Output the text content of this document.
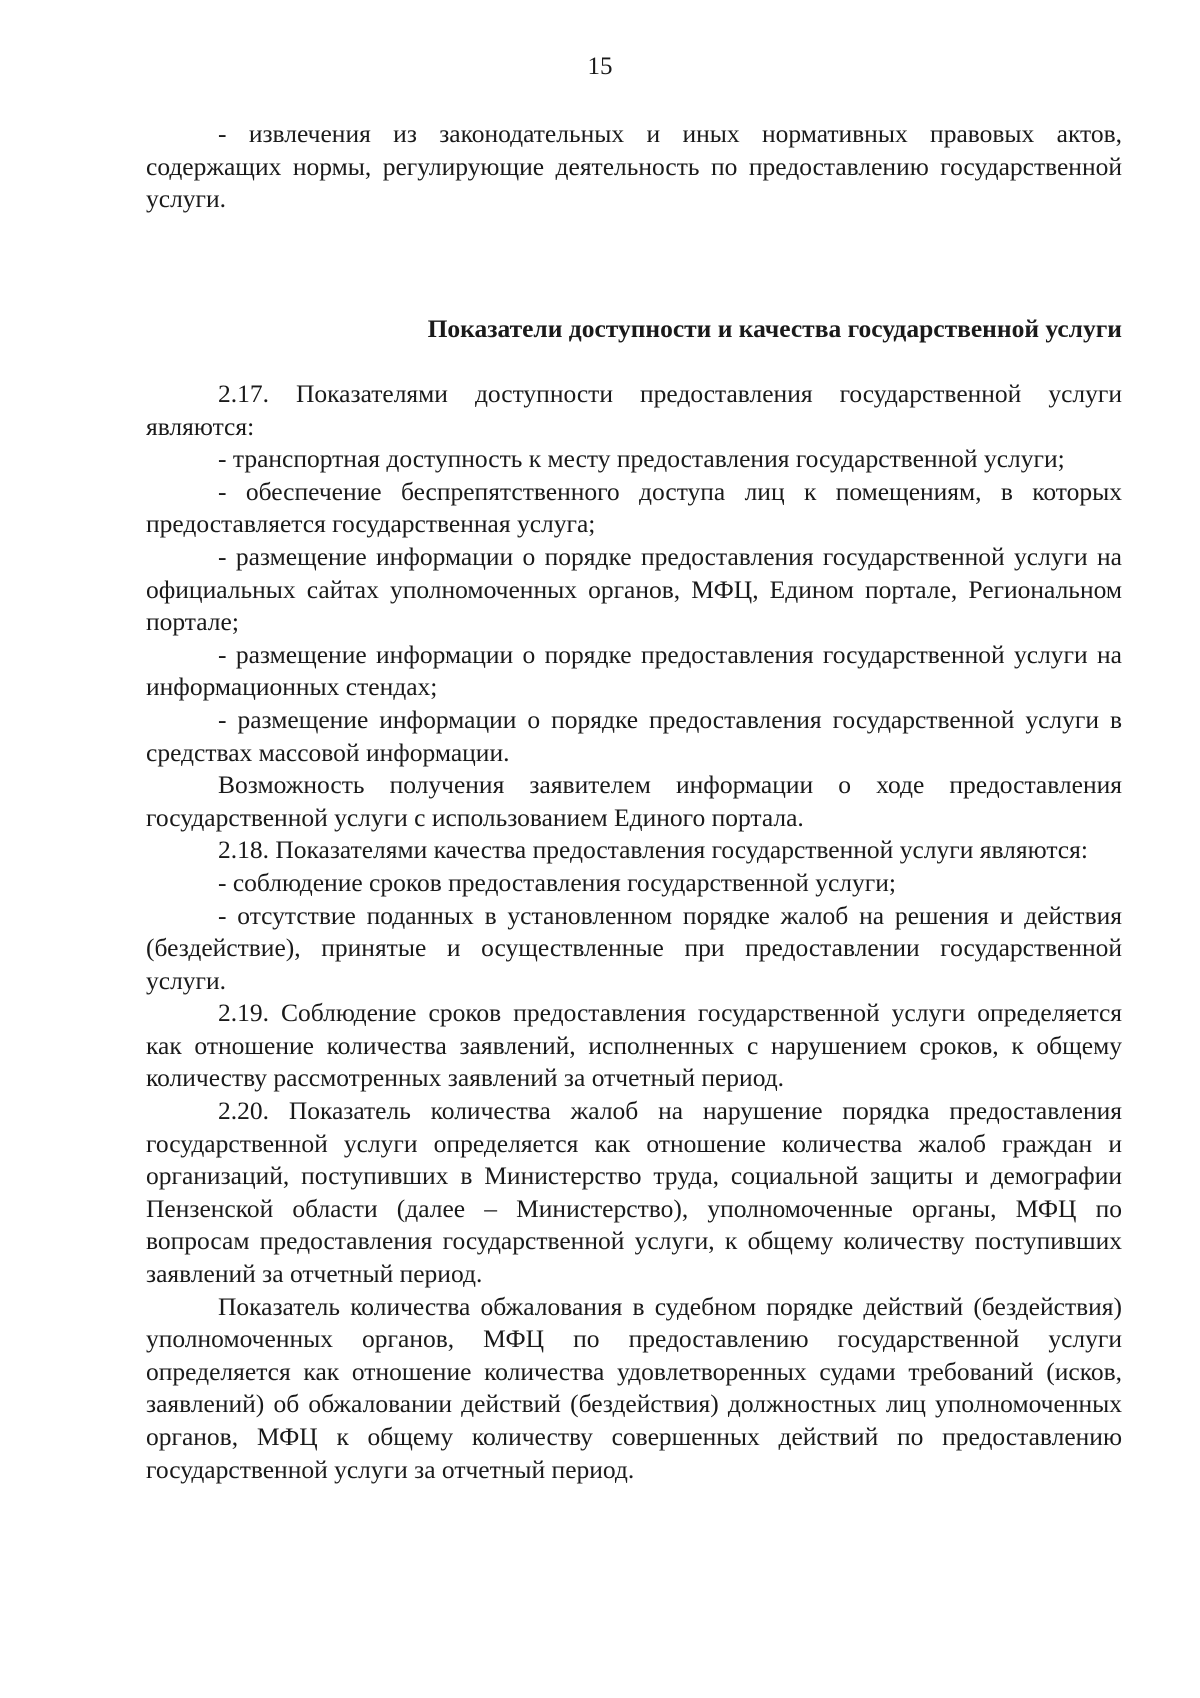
15

- извлечения из законодательных и иных нормативных правовых актов, содержащих нормы, регулирующие деятельность по предоставлению государственной услуги.

Показатели доступности и качества государственной услуги

2.17. Показателями доступности предоставления государственной услуги являются:

- транспортная доступность к месту предоставления государственной услуги;

- обеспечение беспрепятственного доступа лиц к помещениям, в которых предоставляется государственная услуга;

- размещение информации о порядке предоставления государственной услуги на официальных сайтах уполномоченных органов, МФЦ, Едином портале, Региональном портале;

- размещение информации о порядке предоставления государственной услуги на информационных стендах;

- размещение информации о порядке предоставления государственной услуги в средствах массовой информации.

Возможность получения заявителем информации о ходе предоставления государственной услуги с использованием Единого портала.

2.18. Показателями качества предоставления государственной услуги являются:

- соблюдение сроков предоставления государственной услуги;

- отсутствие поданных в установленном порядке жалоб на решения и действия (бездействие), принятые и осуществленные при предоставлении государственной услуги.

2.19. Соблюдение сроков предоставления государственной услуги определяется как отношение количества заявлений, исполненных с нарушением сроков, к общему количеству рассмотренных заявлений за отчетный период.

2.20. Показатель количества жалоб на нарушение порядка предоставления государственной услуги определяется как отношение количества жалоб граждан и организаций, поступивших в Министерство труда, социальной защиты и демографии Пензенской области (далее – Министерство), уполномоченные органы, МФЦ по вопросам предоставления государственной услуги, к общему количеству поступивших заявлений за отчетный период.

Показатель количества обжалования в судебном порядке действий (бездействия) уполномоченных органов, МФЦ по предоставлению государственной услуги определяется как отношение количества удовлетворенных судами требований (исков, заявлений) об обжаловании действий (бездействия) должностных лиц уполномоченных органов, МФЦ к общему количеству совершенных действий по предоставлению государственной услуги за отчетный период.
